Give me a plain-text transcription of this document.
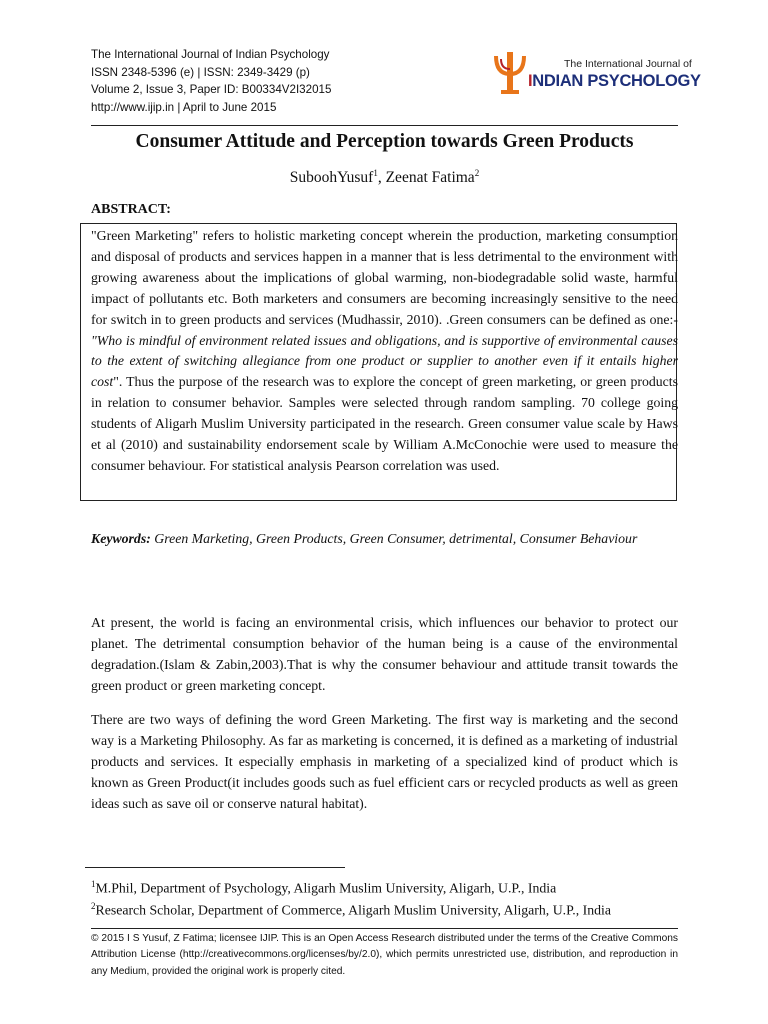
The International Journal of Indian Psychology
ISSN 2348-5396 (e) | ISSN: 2349-3429 (p)
Volume 2, Issue 3, Paper ID: B00334V2I32015
http://www.ijip.in | April to June 2015
The International Journal of
INDIAN PSYCHOLOGY
Consumer Attitude and Perception towards Green Products
SuboohYusuf$^1$, Zeenat Fatima$^2$
ABSTRACT:
"Green Marketing" refers to holistic marketing concept wherein the production, marketing consumption and disposal of products and services happen in a manner that is less detrimental to the environment with growing awareness about the implications of global warming, non-biodegradable solid waste, harmful impact of pollutants etc. Both marketers and consumers are becoming increasingly sensitive to the need for switch in to green products and services (Mudhassir, 2010). .Green consumers can be defined as one:-"Who is mindful of environment related issues and obligations, and is supportive of environmental causes to the extent of switching allegiance from one product or supplier to another even if it entails higher cost". Thus the purpose of the research was to explore the concept of green marketing, or green products in relation to consumer behavior. Samples were selected through random sampling. 70 college going students of Aligarh Muslim University participated in the research. Green consumer value scale by Haws et al (2010) and sustainability endorsement scale by William A.McConochie were used to measure the consumer behaviour. For statistical analysis Pearson correlation was used.
Keywords: Green Marketing, Green Products, Green Consumer, detrimental, Consumer Behaviour
At present, the world is facing an environmental crisis, which influences our behavior to protect our planet. The detrimental consumption behavior of the human being is a cause of the environmental degradation.(Islam & Zabin,2003).That is why the consumer behaviour and attitude transit towards the green product or green marketing concept.
There are two ways of defining the word Green Marketing. The first way is marketing and the second way is a Marketing Philosophy. As far as marketing is concerned, it is defined as a marketing of industrial products and services. It especially emphasis in marketing of a specialized kind of product which is known as Green Product(it includes goods such as fuel efficient cars or recycled products as well as green ideas such as save oil or conserve natural habitat).
$^1$M.Phil, Department of Psychology, Aligarh Muslim University, Aligarh, U.P., India
$^2$Research Scholar, Department of Commerce, Aligarh Muslim University, Aligarh, U.P., India
© 2015 I S Yusuf, Z Fatima; licensee IJIP. This is an Open Access Research distributed under the terms of the Creative Commons Attribution License (http://creativecommons.org/licenses/by/2.0), which permits unrestricted use, distribution, and reproduction in any Medium, provided the original work is properly cited.
